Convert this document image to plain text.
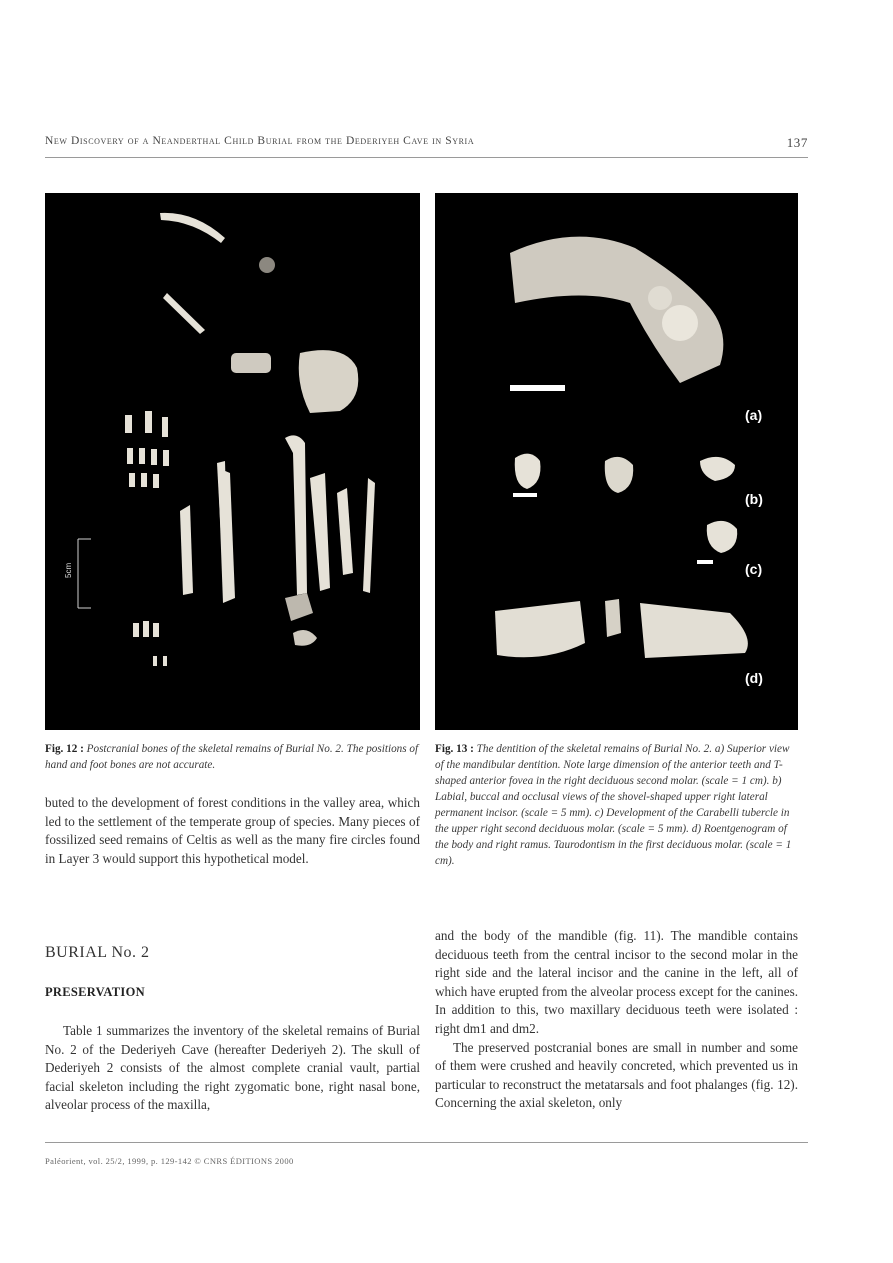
New Discovery of a Neanderthal Child Burial from the Dederiyeh Cave in Syria	137
5cm
(a)
(b)
(c)
(d)
Fig. 12 : Postcranial bones of the skeletal remains of Burial No. 2. The positions of hand and foot bones are not accurate.
Fig. 13 : The dentition of the skeletal remains of Burial No. 2. a) Superior view of the mandibular dentition. Note large dimension of the anterior teeth and T-shaped anterior fovea in the right deciduous second molar. (scale = 1 cm). b) Labial, buccal and occlusal views of the shovel-shaped upper right lateral permanent incisor. (scale = 5 mm). c) Development of the Carabelli tubercle in the upper right second deciduous molar. (scale = 5 mm). d) Roentgenogram of the body and right ramus. Taurodontism in the first deciduous molar. (scale = 1 cm).

buted to the development of forest conditions in the valley area, which led to the settlement of the temperate group of species. Many pieces of fossilized seed remains of Celtis as well as the many fire circles found in Layer 3 would support this hypothetical model.

BURIAL No. 2
PRESERVATION

Table 1 summarizes the inventory of the skeletal remains of Burial No. 2 of the Dederiyeh Cave (hereafter Dederiyeh 2). The skull of Dederiyeh 2 consists of the almost complete cranial vault, partial facial skeleton including the right zygomatic bone, right nasal bone, alveolar process of the maxilla,

and the body of the mandible (fig. 11). The mandible contains deciduous teeth from the central incisor to the second molar in the right side and the lateral incisor and the canine in the left, all of which have erupted from the alveolar process except for the canines. In addition to this, two maxillary deciduous teeth were isolated : right dm1 and dm2.

The preserved postcranial bones are small in number and some of them were crushed and heavily concreted, which prevented us in particular to reconstruct the metatarsals and foot phalanges (fig. 12). Concerning the axial skeleton, only

Paléorient, vol. 25/2, 1999, p. 129-142 © CNRS ÉDITIONS 2000
